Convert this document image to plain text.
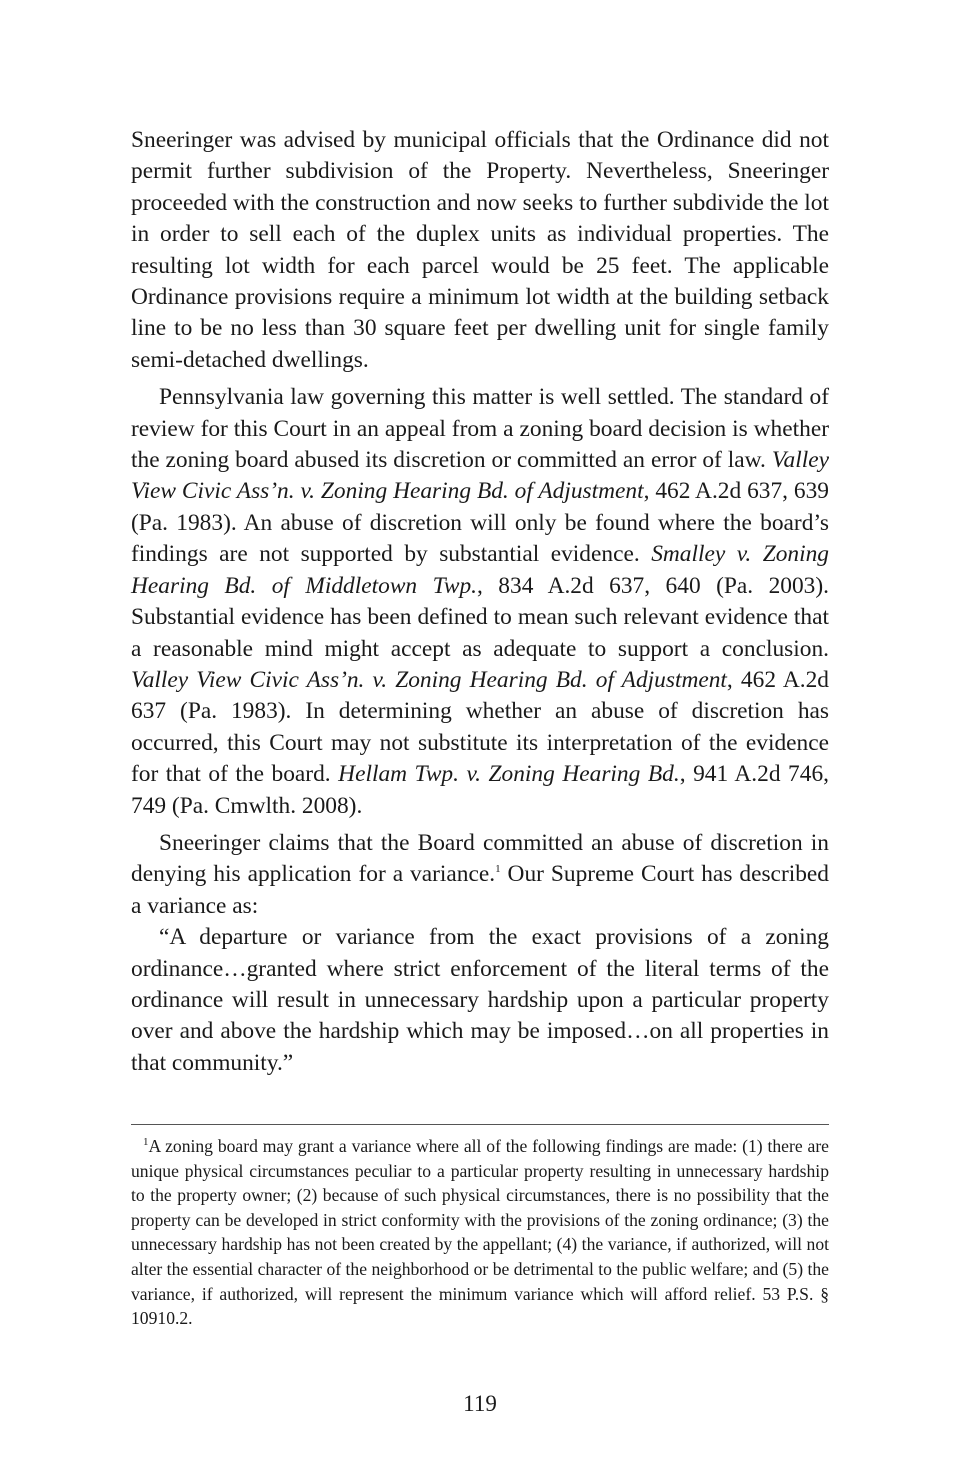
Sneeringer was advised by municipal officials that the Ordinance did not permit further subdivision of the Property. Nevertheless, Sneeringer proceeded with the construction and now seeks to further subdivide the lot in order to sell each of the duplex units as individual properties. The resulting lot width for each parcel would be 25 feet. The applicable Ordinance provisions require a minimum lot width at the building setback line to be no less than 30 square feet per dwelling unit for single family semi-detached dwellings.

Pennsylvania law governing this matter is well settled. The standard of review for this Court in an appeal from a zoning board decision is whether the zoning board abused its discretion or committed an error of law. Valley View Civic Ass’n. v. Zoning Hearing Bd. of Adjustment, 462 A.2d 637, 639 (Pa. 1983). An abuse of discretion will only be found where the board’s findings are not supported by substantial evidence. Smalley v. Zoning Hearing Bd. of Middletown Twp., 834 A.2d 637, 640 (Pa. 2003). Substantial evidence has been defined to mean such relevant evidence that a reasonable mind might accept as adequate to support a conclusion. Valley View Civic Ass’n. v. Zoning Hearing Bd. of Adjustment, 462 A.2d 637 (Pa. 1983). In determining whether an abuse of discretion has occurred, this Court may not substitute its interpretation of the evidence for that of the board. Hellam Twp. v. Zoning Hearing Bd., 941 A.2d 746, 749 (Pa. Cmwlth. 2008).

Sneeringer claims that the Board committed an abuse of discretion in denying his application for a variance.$^1$ Our Supreme Court has described a variance as:

“A departure or variance from the exact provisions of a zoning ordinance…granted where strict enforcement of the literal terms of the ordinance will result in unnecessary hardship upon a particular property over and above the hardship which may be imposed…on all properties in that community.”

$^1$A zoning board may grant a variance where all of the following findings are made: (1) there are unique physical circumstances peculiar to a particular property resulting in unnecessary hardship to the property owner; (2) because of such physical circumstances, there is no possibility that the property can be developed in strict conformity with the provisions of the zoning ordinance; (3) the unnecessary hardship has not been created by the appellant; (4) the variance, if authorized, will not alter the essential character of the neighborhood or be detrimental to the public welfare; and (5) the variance, if authorized, will represent the minimum variance which will afford relief. 53 P.S. § 10910.2.
119
